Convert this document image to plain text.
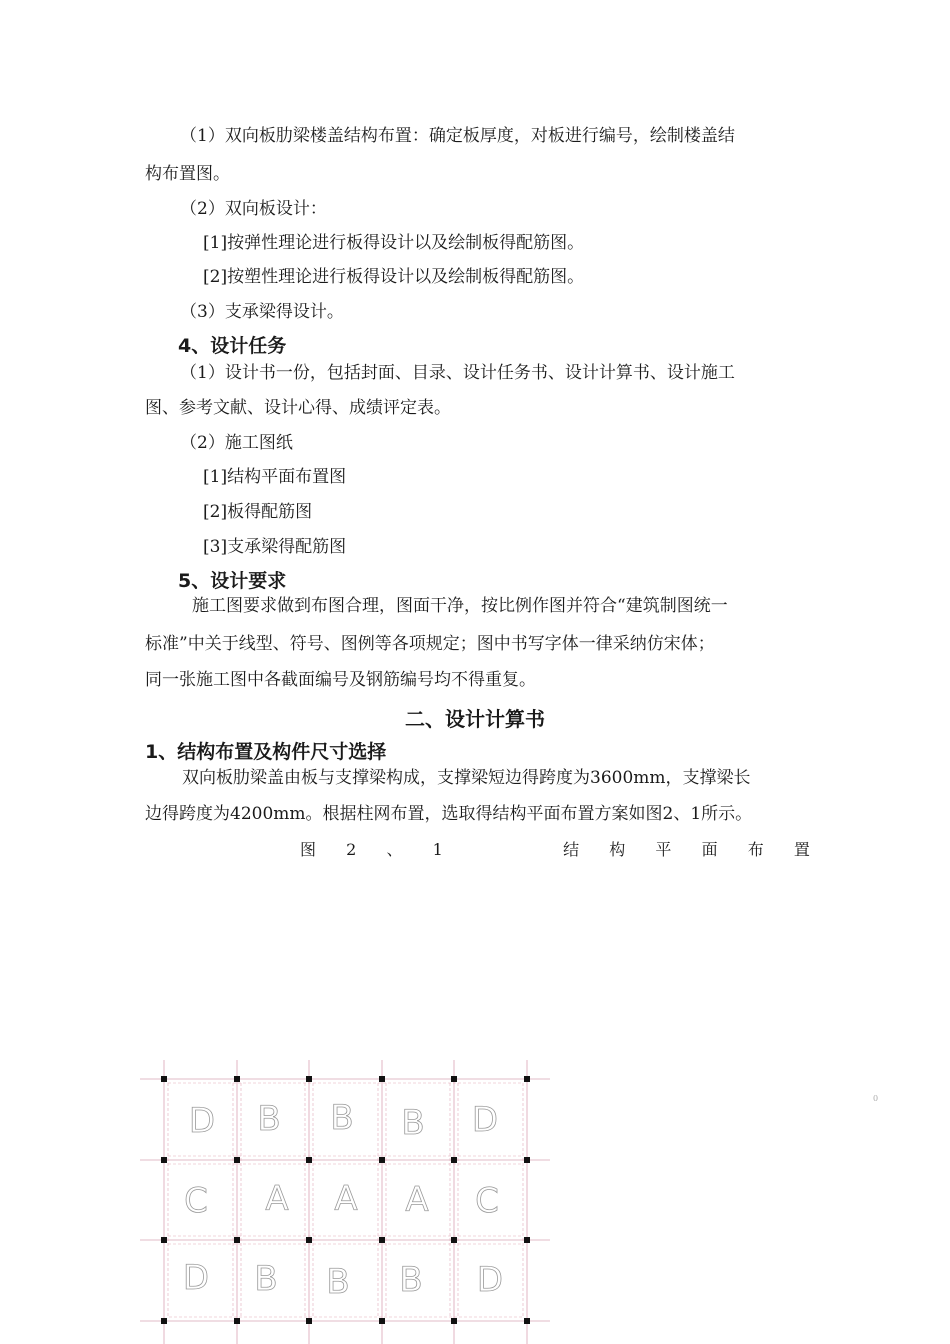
（1）双向板肋梁楼盖结构布置：确定板厚度，对板进行编号，绘制楼盖结
构布置图。
（2）双向板设计：
[1]按弹性理论进行板得设计以及绘制板得配筋图。
[2]按塑性理论进行板得设计以及绘制板得配筋图。
（3）支承梁得设计。
4、设计任务
（1）设计书一份，包括封面、目录、设计任务书、设计计算书、设计施工
图、参考文献、设计心得、成绩评定表。
（2）施工图纸
[1]结构平面布置图
[2]板得配筋图
[3]支承梁得配筋图
5、设计要求
施工图要求做到布图合理，图面干净，按比例作图并符合“建筑制图统一
标准”中关于线型、符号、图例等各项规定；图中书写字体一律采纳仿宋体；
同一张施工图中各截面编号及钢筋编号均不得重复。
二、设计计算书
1、结构布置及构件尺寸选择
双向板肋梁盖由板与支撑梁构成，支撑梁短边得跨度为3600mm，支撑梁长
边得跨度为4200mm。根据柱网布置，选取得结构平面布置方案如图2、1所示。
图 2 、 1	结 构 平 面 布 置
D B B B D
C A A A C
D B B B D
0
